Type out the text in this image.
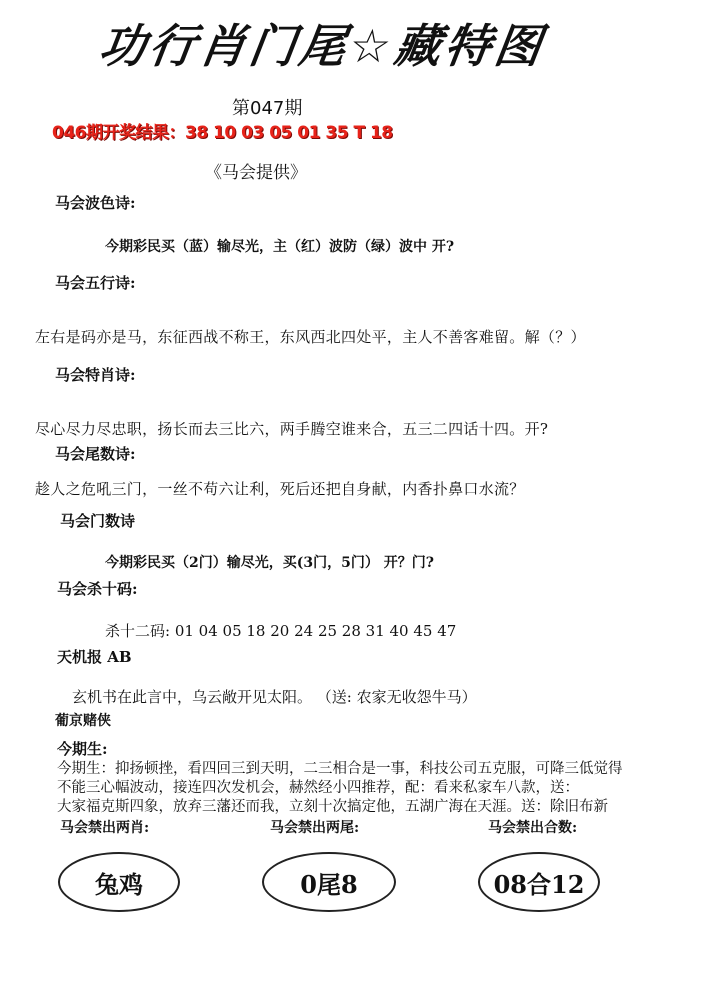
功行肖门尾☆藏特图
第047期
046期开奖结果：38 10 03 05 01 35 T 18
《马会提供》
马会波色诗:
今期彩民买（蓝）输尽光，主（红）波防（绿）波中 开?
马会五行诗:
左右是码亦是马，东征西战不称王，东风西北四处平，主人不善客难留。解（？）
马会特肖诗:
尽心尽力尽忠职，扬长而去三比六，两手腾空谁来合，五三二四话十四。开?
马会尾数诗:
趁人之危吼三门，一丝不苟六让利，死后还把自身献，内香扑鼻口水流？
马会门数诗
今期彩民买（2门）输尽光，买(3门，5门） 开？门?
马会杀十码:
杀十二码: 01 04 05 18 20 24 25 28 31 40 45 47
天机报 AB
玄机书在此言中，乌云敞开见太阳。 （送: 农家无收怨牛马）
葡京赌侠
今期生:
今期生：抑扬顿挫，看四回三到天明，二三相合是一事，科技公司五克服，可降三低觉得
不能三心幅波动，接连四次发机会，赫然经小四推荐，配：看来私家车八款，送：
大家福克斯四象，放弃三藩还而我，立刻十次搞定他，五湖广海在天涯。送：除旧布新
马会禁出两肖:	马会禁出两尾:	马会禁出合数:
兔鸡	0尾8	08合12
